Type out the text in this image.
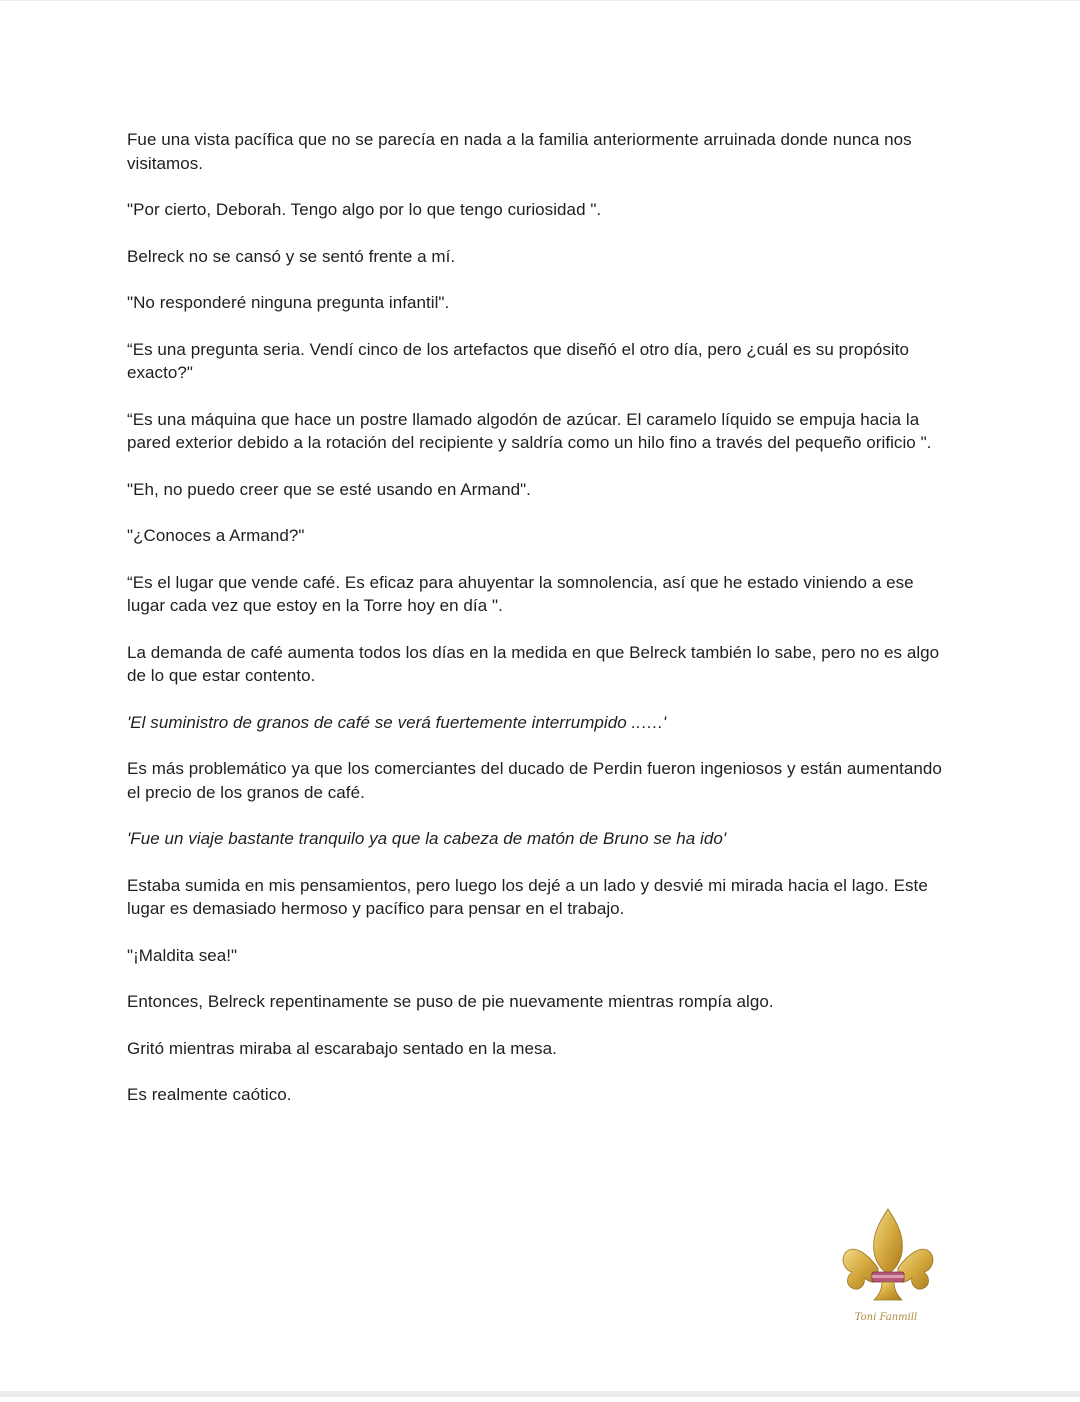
Fue una vista pacífica que no se parecía en nada a la familia anteriormente arruinada donde nunca nos visitamos.

"Por cierto, Deborah. Tengo algo por lo que tengo curiosidad ".

Belreck no se cansó y se sentó frente a mí.

"No responderé ninguna pregunta infantil".

“Es una pregunta seria. Vendí cinco de los artefactos que diseñó el otro día, pero ¿cuál es su propósito exacto?"

“Es una máquina que hace un postre llamado algodón de azúcar. El caramelo líquido se empuja hacia la pared exterior debido a la rotación del recipiente y saldría como un hilo fino a través del pequeño orificio ".

"Eh, no puedo creer que se esté usando en Armand".

"¿Conoces a Armand?"

“Es el lugar que vende café. Es eficaz para ahuyentar la somnolencia, así que he estado viniendo a ese lugar cada vez que estoy en la Torre hoy en día ".

La demanda de café aumenta todos los días en la medida en que Belreck también lo sabe, pero no es algo de lo que estar contento.

'El suministro de granos de café se verá fuertemente interrumpido ..….'

Es más problemático ya que los comerciantes del ducado de Perdin fueron ingeniosos y están aumentando el precio de los granos de café.

'Fue un viaje bastante tranquilo ya que la cabeza de matón de Bruno se ha ido'

Estaba sumida en mis pensamientos, pero luego los dejé a un lado y desvié mi mirada hacia el lago. Este lugar es demasiado hermoso y pacífico para pensar en el trabajo.

"¡Maldita sea!"

Entonces, Belreck repentinamente se puso de pie nuevamente mientras rompía algo.

Gritó mientras miraba al escarabajo sentado en la mesa.

Es realmente caótico.

Toni Fanmill
